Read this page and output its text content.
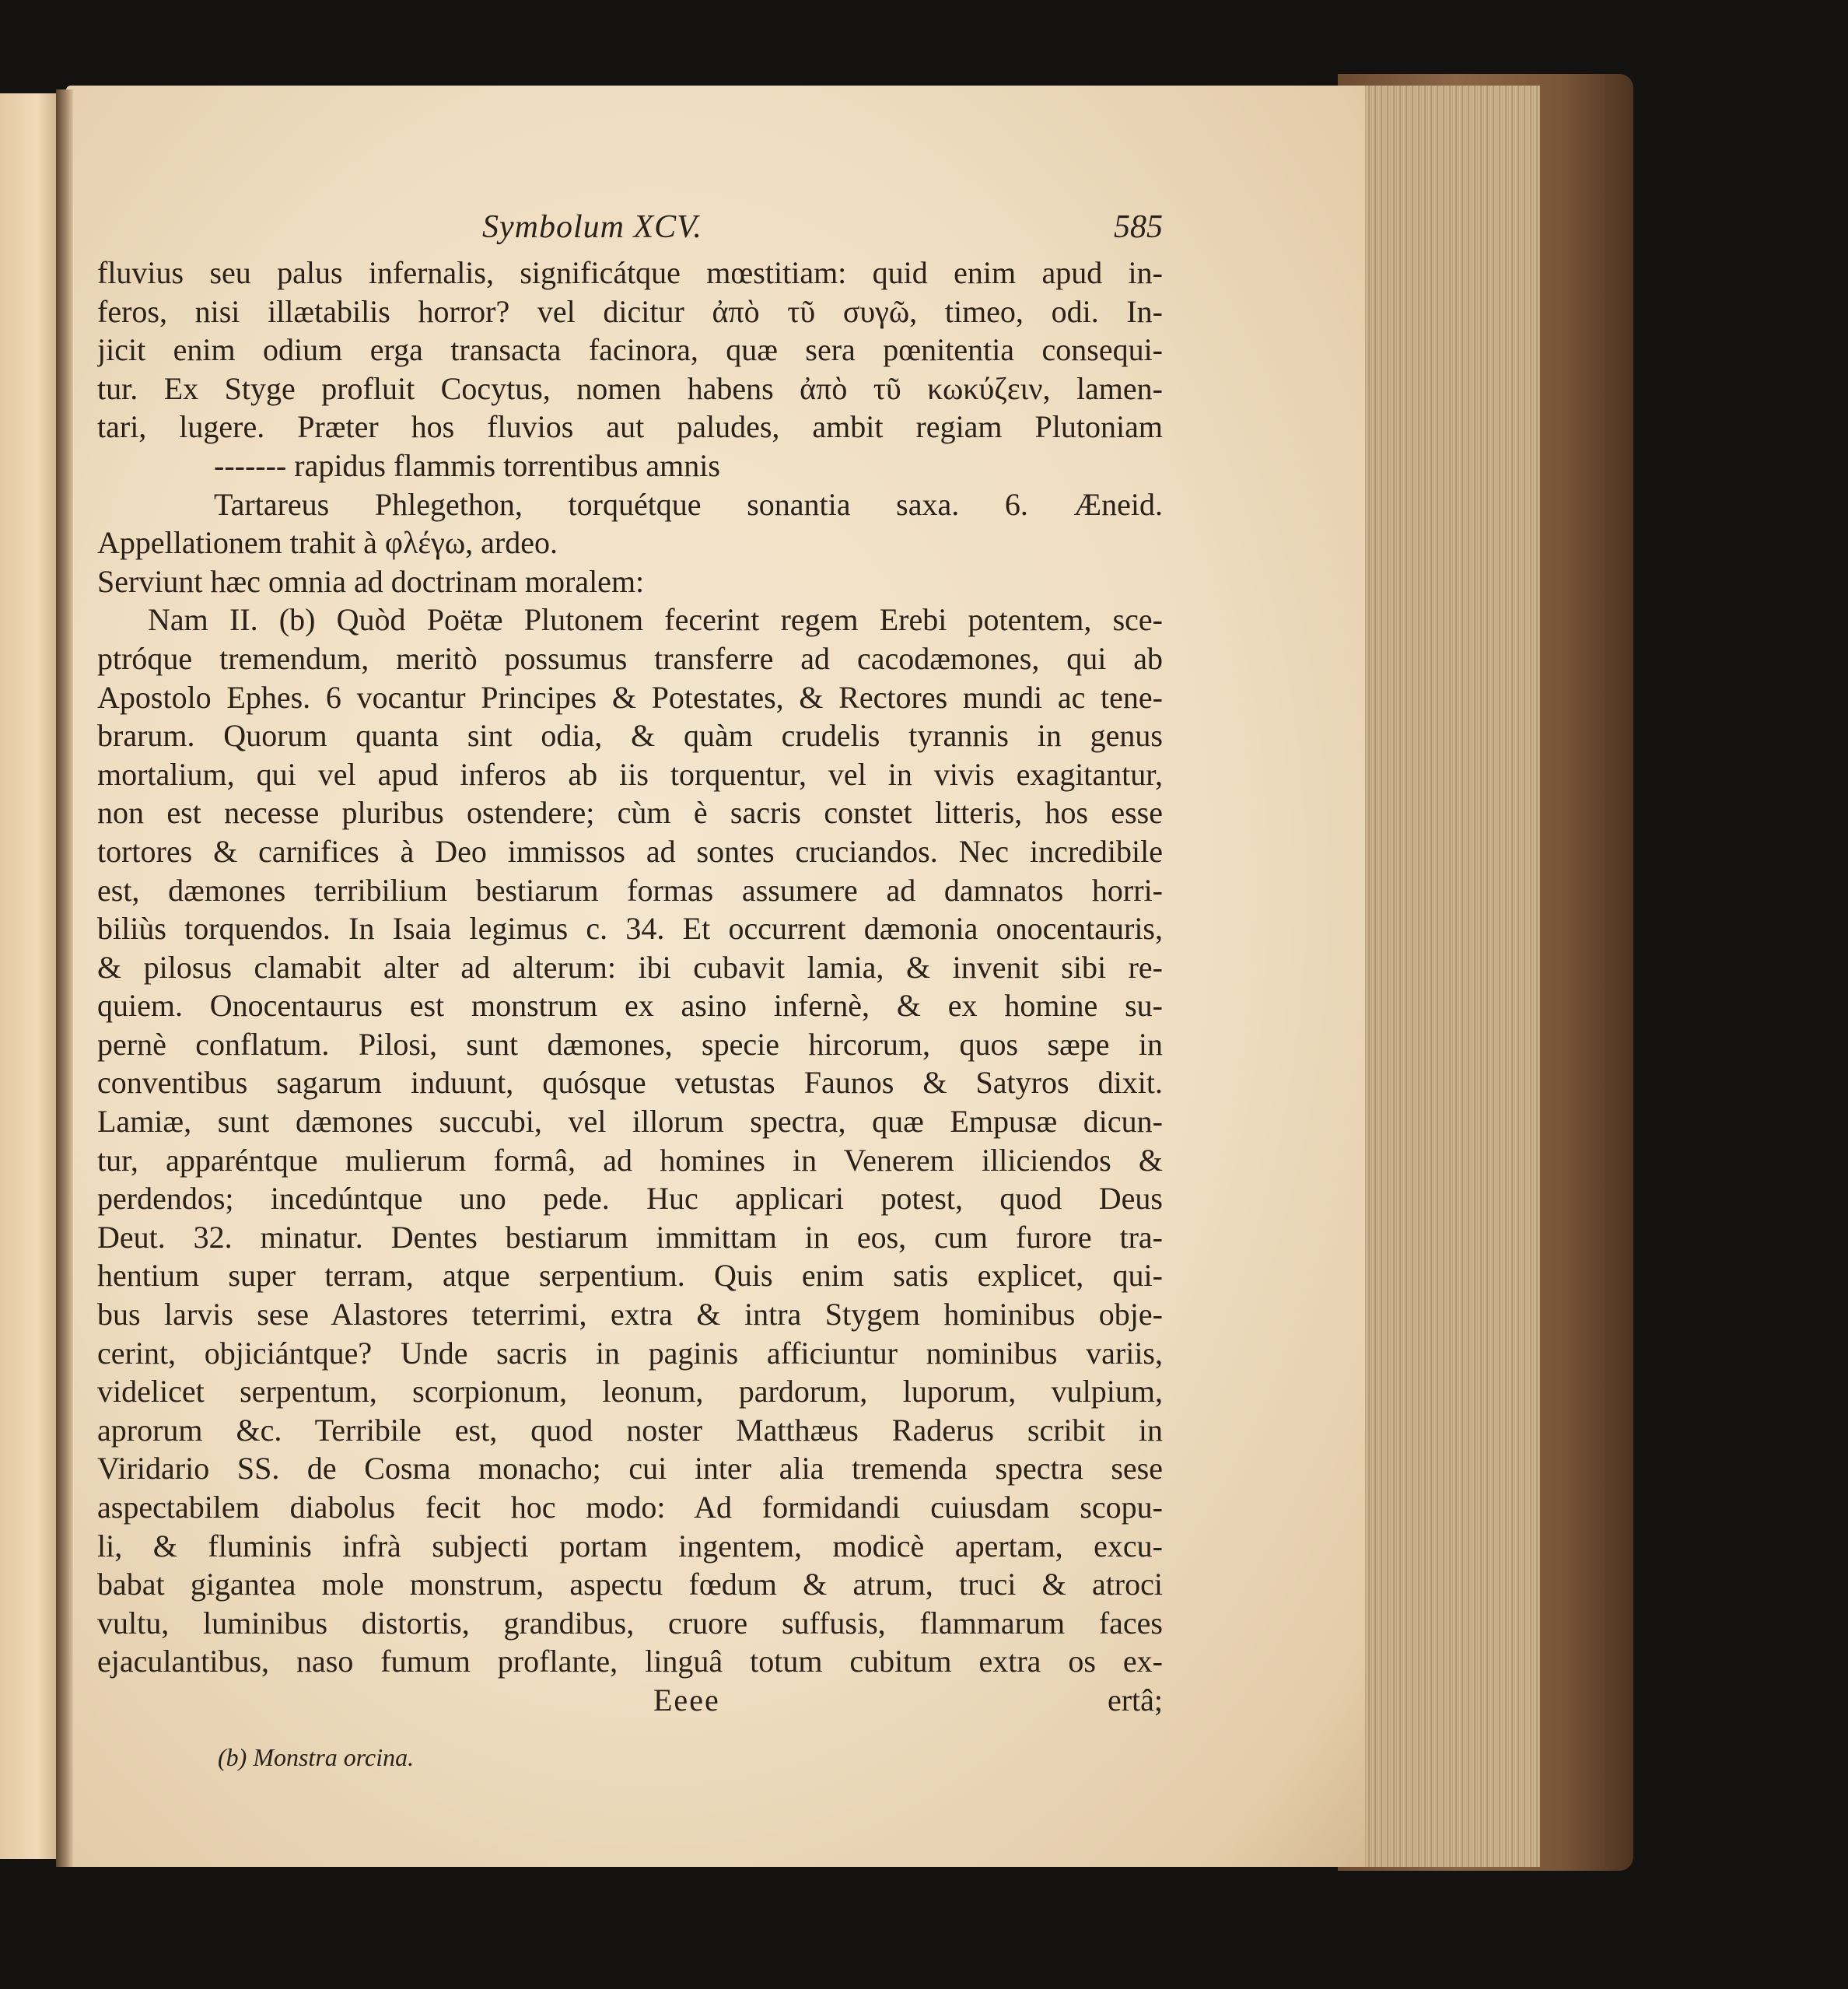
Symbolum XCV.	585
fluvius seu palus infernalis, significátque mœstitiam: quid enim apud in-
feros, nisi illætabilis horror? vel dicitur ἀπὸ τῦ συγῶ, timeo, odi. In-
jicit enim odium erga transacta facinora, quæ sera pœnitentia consequi-
tur. Ex Styge profluit Cocytus, nomen habens ἀπὸ τῦ κωκύζειν, lamen-
tari, lugere. Præter hos fluvios aut paludes, ambit regiam Plutoniam
------- rapidus flammis torrentibus amnis
Tartareus Phlegethon, torquétque sonantia saxa. 6. Æneid.
Appellationem trahit à φλέγω, ardeo.
Serviunt hæc omnia ad doctrinam moralem:
Nam II. (b) Quòd Poëtæ Plutonem fecerint regem Erebi potentem, sce-
ptróque tremendum, meritò possumus transferre ad cacodæmones, qui ab
Apostolo Ephes. 6 vocantur Principes & Potestates, & Rectores mundi ac tene-
brarum. Quorum quanta sint odia, & quàm crudelis tyrannis in genus
mortalium, qui vel apud inferos ab iis torquentur, vel in vivis exagitantur,
non est necesse pluribus ostendere; cùm è sacris constet litteris, hos esse
tortores & carnifices à Deo immissos ad sontes cruciandos. Nec incredibile
est, dæmones terribilium bestiarum formas assumere ad damnatos horri-
biliùs torquendos. In Isaia legimus c. 34. Et occurrent dæmonia onocentauris,
& pilosus clamabit alter ad alterum: ibi cubavit lamia, & invenit sibi re-
quiem. Onocentaurus est monstrum ex asino infernè, & ex homine su-
pernè conflatum. Pilosi, sunt dæmones, specie hircorum, quos sæpe in
conventibus sagarum induunt, quósque vetustas Faunos & Satyros dixit.
Lamiæ, sunt dæmones succubi, vel illorum spectra, quæ Empusæ dicun-
tur, apparéntque mulierum formâ, ad homines in Venerem illiciendos &
perdendos; incedúntque uno pede. Huc applicari potest, quod Deus
Deut. 32. minatur. Dentes bestiarum immittam in eos, cum furore tra-
hentium super terram, atque serpentium. Quis enim satis explicet, qui-
bus larvis sese Alastores teterrimi, extra & intra Stygem hominibus obje-
cerint, objiciántque? Unde sacris in paginis afficiuntur nominibus variis,
videlicet serpentum, scorpionum, leonum, pardorum, luporum, vulpium,
aprorum &c. Terribile est, quod noster Matthæus Raderus scribit in
Viridario SS. de Cosma monacho; cui inter alia tremenda spectra sese
aspectabilem diabolus fecit hoc modo: Ad formidandi cuiusdam scopu-
li, & fluminis infrà subjecti portam ingentem, modicè apertam, excu-
babat gigantea mole monstrum, aspectu fœdum & atrum, truci & atroci
vultu, luminibus distortis, grandibus, cruore suffusis, flammarum faces
ejaculantibus, naso fumum proflante, linguâ totum cubitum extra os ex-
Eeee	ertâ;
(b) Monstra orcina.
